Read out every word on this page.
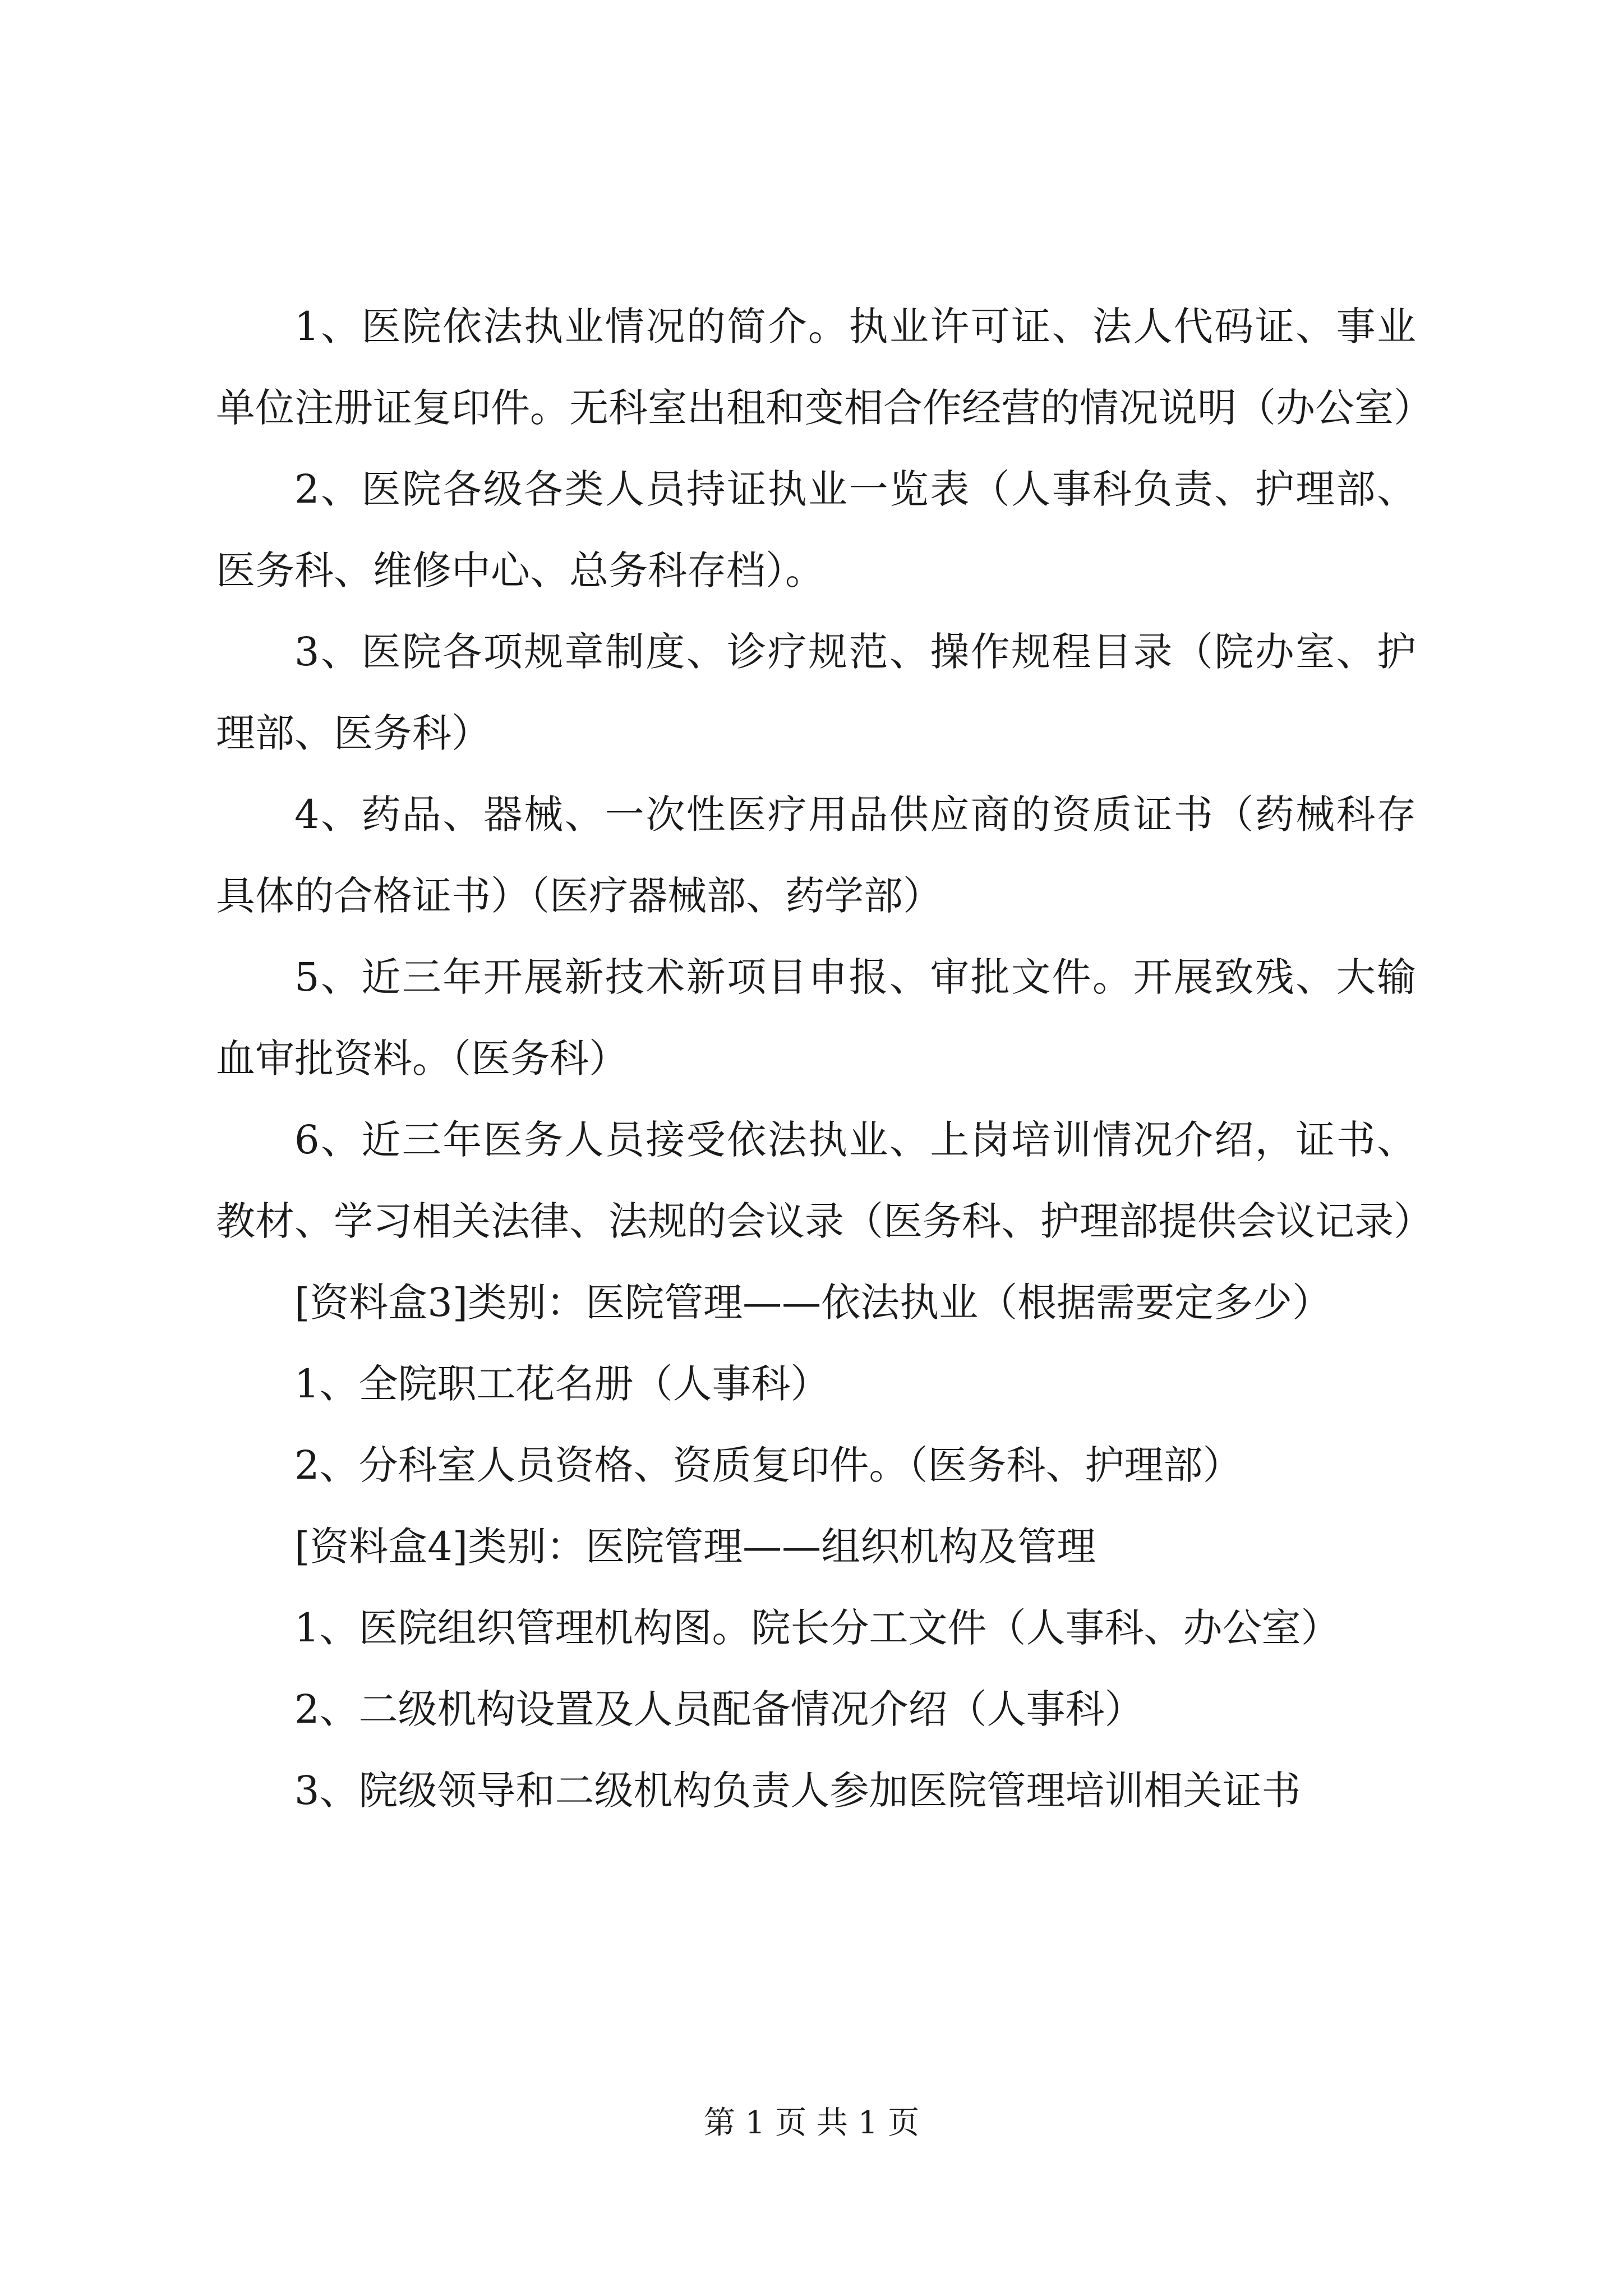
1、医院依法执业情况的简介。执业许可证、法人代码证、事业单位注册证复印件。无科室出租和变相合作经营的情况说明（办公室）

2、医院各级各类人员持证执业一览表（人事科负责、护理部、医务科、维修中心、总务科存档）。

3、医院各项规章制度、诊疗规范、操作规程目录（院办室、护理部、医务科）

4、药品、器械、一次性医疗用品供应商的资质证书（药械科存具体的合格证书）（医疗器械部、药学部）

5、近三年开展新技术新项目申报、审批文件。开展致残、大输血审批资料。（医务科）

6、近三年医务人员接受依法执业、上岗培训情况介绍，证书、教材、学习相关法律、法规的会议录（医务科、护理部提供会议记录）

[资料盒3]类别：医院管理——依法执业（根据需要定多少）

1、全院职工花名册（人事科）

2、分科室人员资格、资质复印件。（医务科、护理部）

[资料盒4]类别：医院管理——组织机构及管理

1、医院组织管理机构图。院长分工文件（人事科、办公室）

2、二级机构设置及人员配备情况介绍（人事科）

3、院级领导和二级机构负责人参加医院管理培训相关证书

第 1 页 共 1 页
